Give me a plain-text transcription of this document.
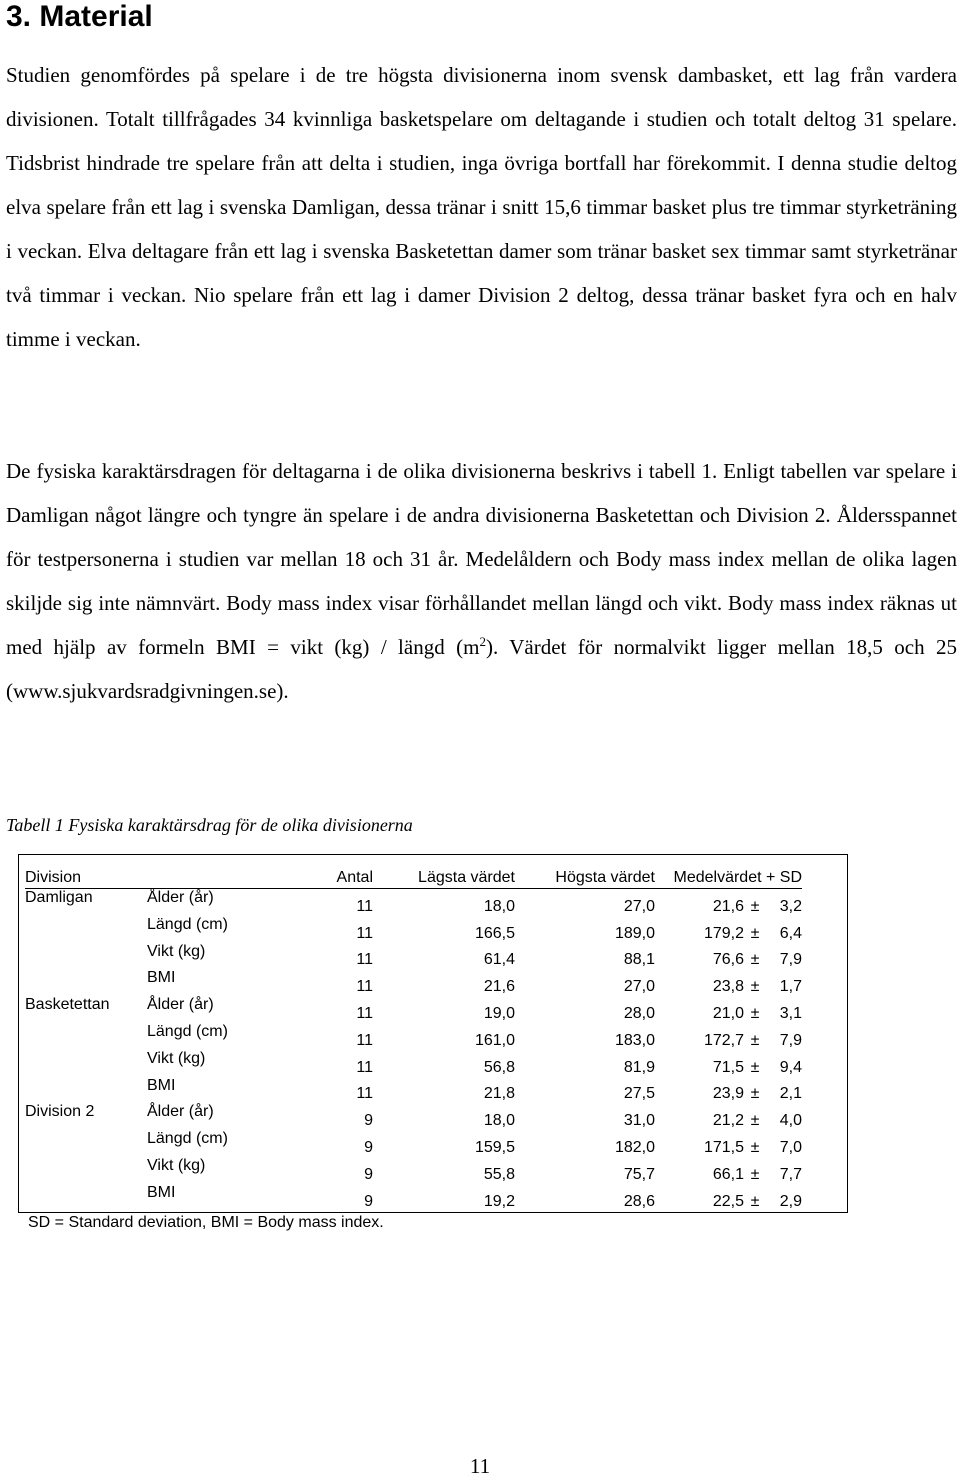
3. Material

Studien genomfördes på spelare i de tre högsta divisionerna inom svensk dambasket, ett lag från vardera divisionen. Totalt tillfrågades 34 kvinnliga basketspelare om deltagande i studien och totalt deltog 31 spelare. Tidsbrist hindrade tre spelare från att delta i studien, inga övriga bortfall har förekommit. I denna studie deltog elva spelare från ett lag i svenska Damligan, dessa tränar i snitt 15,6 timmar basket plus tre timmar styrketräning i veckan. Elva deltagare från ett lag i svenska Basketettan damer som tränar basket sex timmar samt styrketränar två timmar i veckan. Nio spelare från ett lag i damer Division 2 deltog, dessa tränar basket fyra och en halv timme i veckan.

De fysiska karaktärsdragen för deltagarna i de olika divisionerna beskrivs i tabell 1. Enligt tabellen var spelare i Damligan något längre och tyngre än spelare i de andra divisionerna Basketettan och Division 2. Åldersspannet för testpersonerna i studien var mellan 18 och 31 år. Medelåldern och Body mass index mellan de olika lagen skiljde sig inte nämnvärt. Body mass index visar förhållandet mellan längd och vikt. Body mass index räknas ut med hjälp av formeln BMI = vikt (kg) / längd $(m^2)$. Värdet för normalvikt ligger mellan 18,5 och 25 (www.sjukvardsradgivningen.se).

Tabell 1 Fysiska karaktärsdrag för de olika divisionerna
Division		Antal	Lägsta värdet	Högsta värdet	Medelvärdet + SD		
Damligan	Ålder (år)	11	18,0	27,0	21,6	±	3,2
	Längd (cm)	11	166,5	189,0	179,2	±	6,4
	Vikt (kg)	11	61,4	88,1	76,6	±	7,9
	BMI	11	21,6	27,0	23,8	±	1,7
Basketettan	Ålder (år)	11	19,0	28,0	21,0	±	3,1
	Längd (cm)	11	161,0	183,0	172,7	±	7,9
	Vikt (kg)	11	56,8	81,9	71,5	±	9,4
	BMI	11	21,8	27,5	23,9	±	2,1
Division 2	Ålder (år)	9	18,0	31,0	21,2	±	4,0
	Längd (cm)	9	159,5	182,0	171,5	±	7,0
	Vikt (kg)	9	55,8	75,7	66,1	±	7,7
	BMI	9	19,2	28,6	22,5	±	2,9
SD = Standard deviation, BMI = Body mass index.
11
